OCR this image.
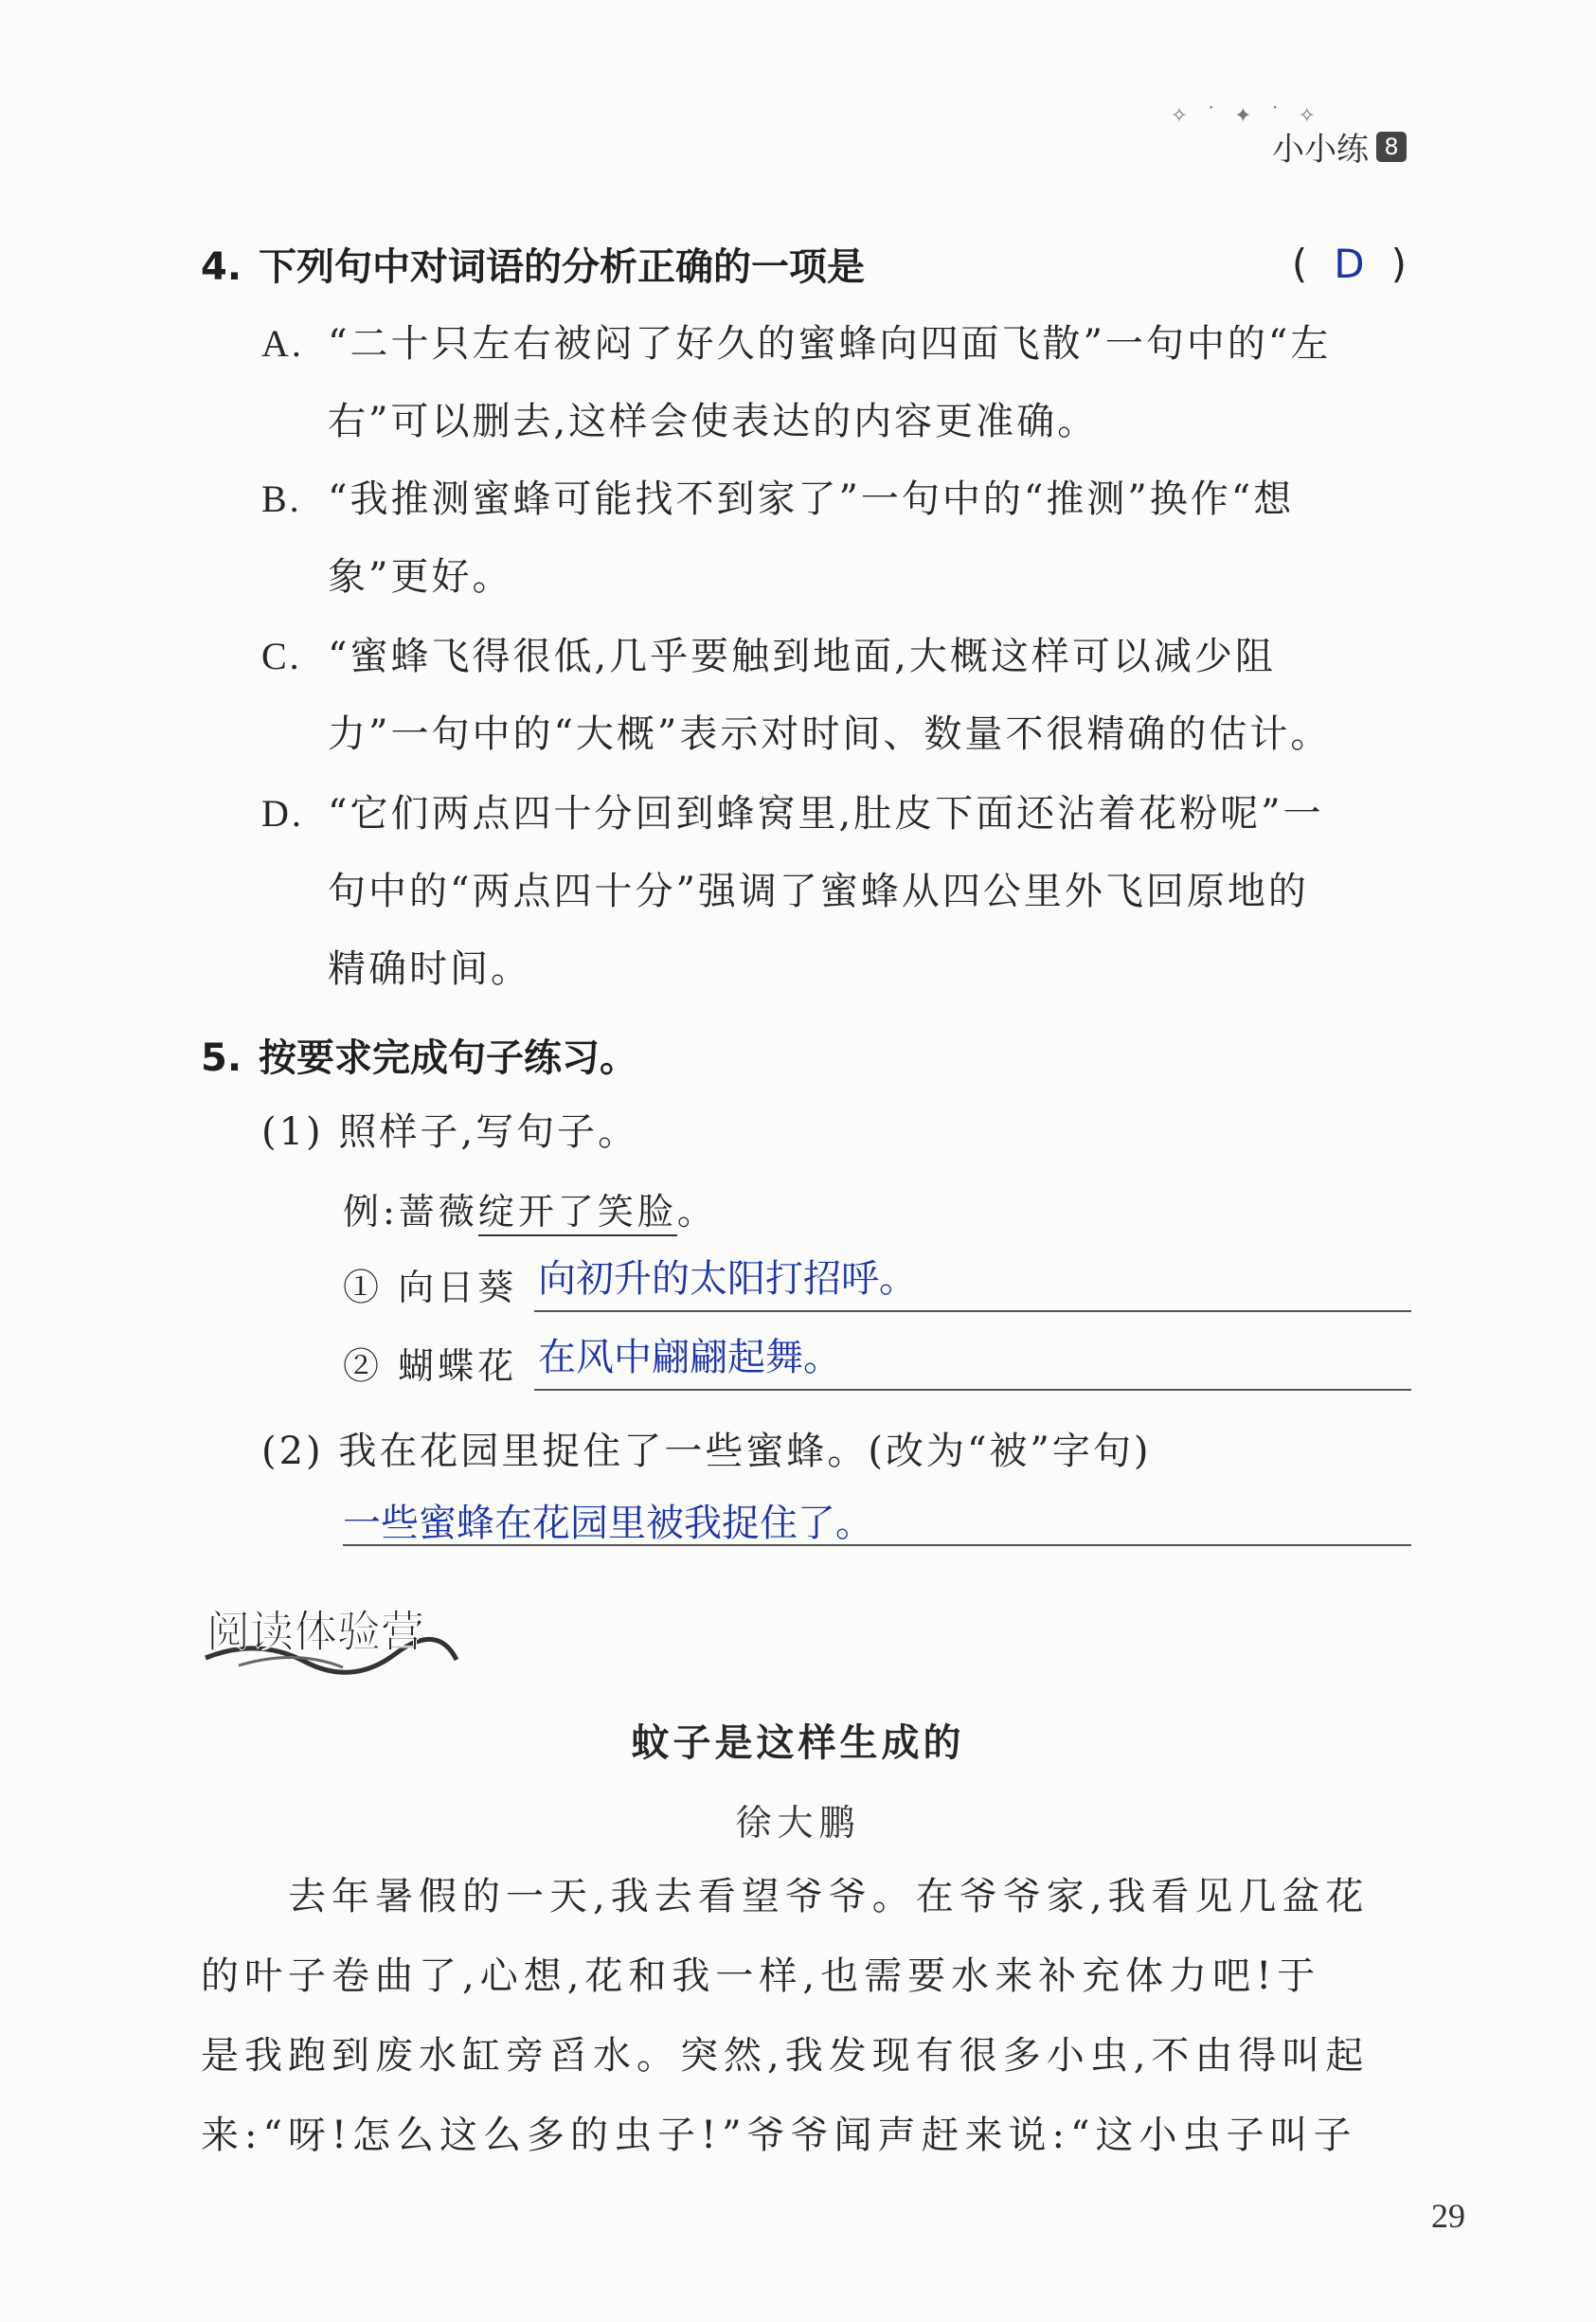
✧ ˙ ✦ ˙ ✧
小小练 8
4. 下列句中对词语的分析正确的一项是	( D )
A. “二十只左右被闷了好久的蜜蜂向四面飞散”一句中的“左
右”可以删去,这样会使表达的内容更准确。
B. “我推测蜜蜂可能找不到家了”一句中的“推测”换作“想
象”更好。
C. “蜜蜂飞得很低,几乎要触到地面,大概这样可以减少阻
力”一句中的“大概”表示对时间、数量不很精确的估计。
D. “它们两点四十分回到蜂窝里,肚皮下面还沾着花粉呢”一
句中的“两点四十分”强调了蜜蜂从四公里外飞回原地的
精确时间。
5. 按要求完成句子练习。
(1) 照样子,写句子。
例:蔷薇绽开了笑脸。
① 向日葵 向初升的太阳打招呼。
② 蝴蝶花 在风中翩翩起舞。
(2) 我在花园里捉住了一些蜜蜂。(改为“被”字句)
一些蜜蜂在花园里被我捉住了。
阅读体验营
蚊子是这样生成的
徐大鹏
　　去年暑假的一天,我去看望爷爷。在爷爷家,我看见几盆花
的叶子卷曲了,心想,花和我一样,也需要水来补充体力吧!于
是我跑到废水缸旁舀水。突然,我发现有很多小虫,不由得叫起
来:“呀!怎么这么多的虫子!”爷爷闻声赶来说:“这小虫子叫子
29
